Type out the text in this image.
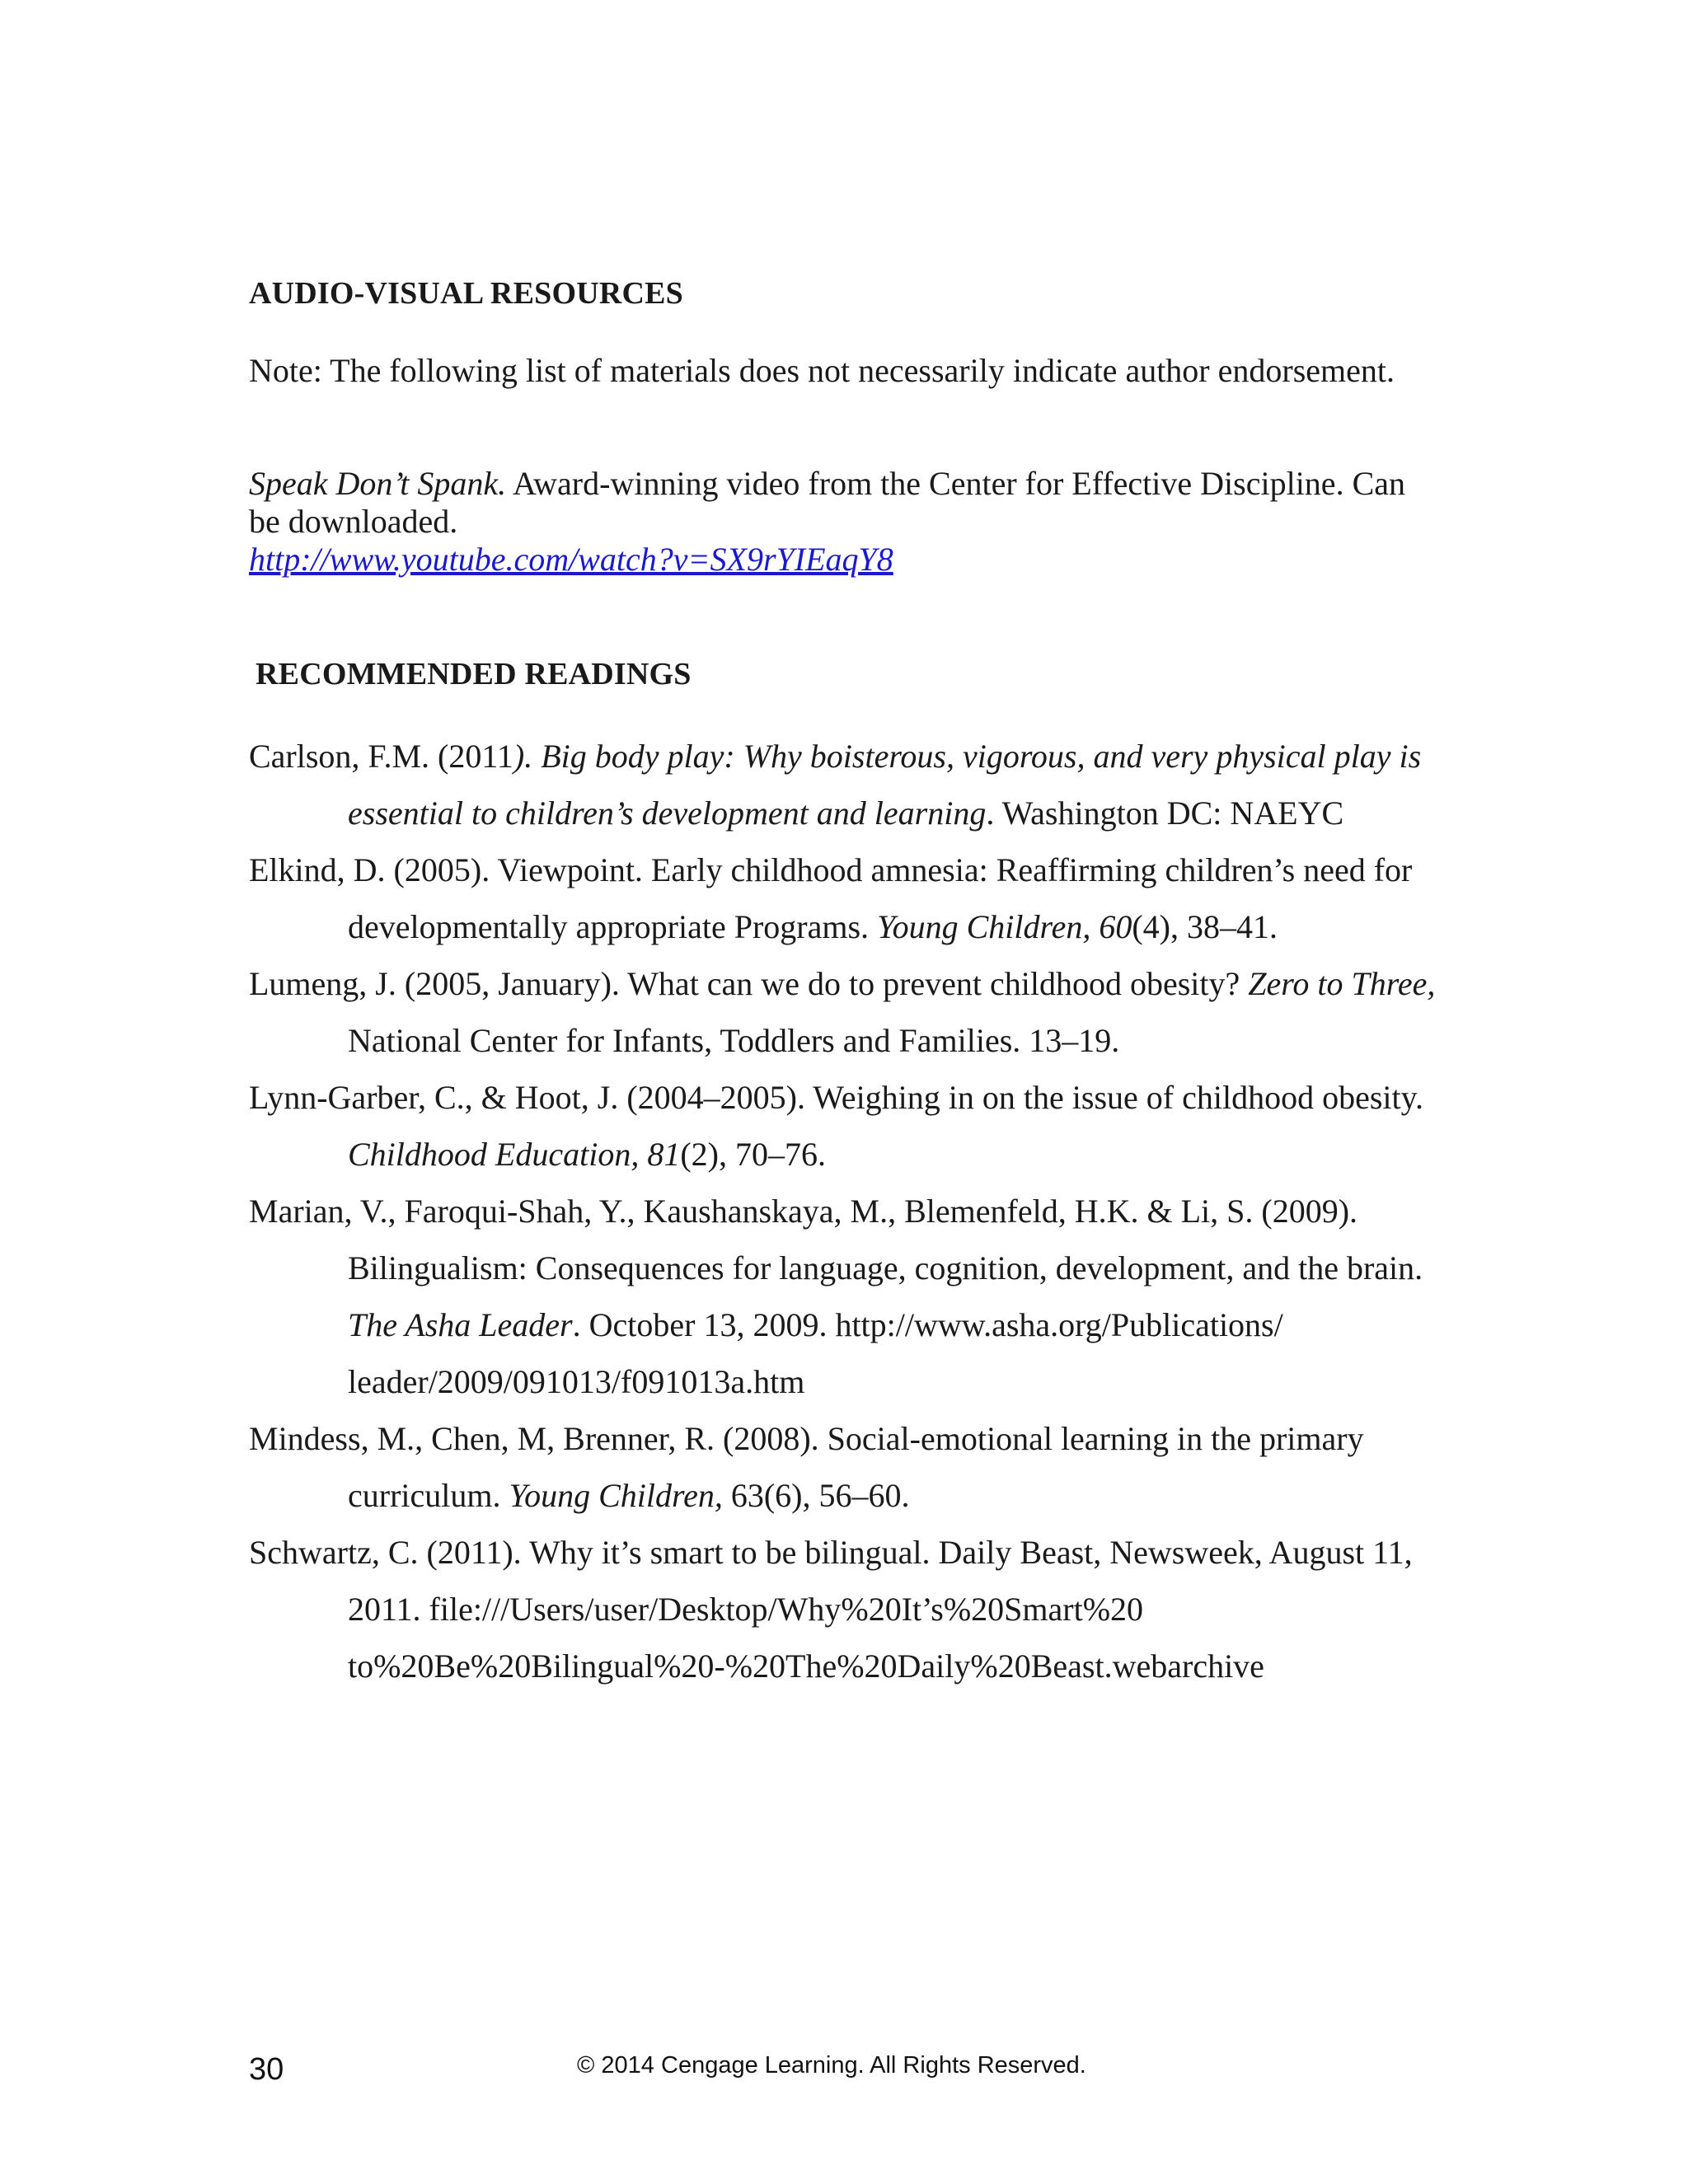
AUDIO-VISUAL RESOURCES
Note: The following list of materials does not necessarily indicate author endorsement.
Speak Don’t Spank. Award-winning video from the Center for Effective Discipline. Can be downloaded.
http://www.youtube.com/watch?v=SX9rYIEaqY8
RECOMMENDED READINGS
Carlson, F.M. (2011). Big body play: Why boisterous, vigorous, and very physical play is essential to children’s development and learning. Washington DC: NAEYC
Elkind, D. (2005). Viewpoint. Early childhood amnesia: Reaffirming children’s need for developmentally appropriate Programs. Young Children, 60(4), 38–41.
Lumeng, J. (2005, January). What can we do to prevent childhood obesity? Zero to Three, National Center for Infants, Toddlers and Families. 13–19.
Lynn-Garber, C., & Hoot, J. (2004–2005). Weighing in on the issue of childhood obesity. Childhood Education, 81(2), 70–76.
Marian, V., Faroqui-Shah, Y., Kaushanskaya, M., Blemenfeld, H.K. & Li, S. (2009). Bilingualism: Consequences for language, cognition, development, and the brain. The Asha Leader. October 13, 2009. http://www.asha.org/Publications/ leader/2009/091013/f091013a.htm
Mindess, M., Chen, M, Brenner, R. (2008). Social-emotional learning in the primary curriculum. Young Children, 63(6), 56–60.
Schwartz, C. (2011). Why it’s smart to be bilingual. Daily Beast, Newsweek, August 11, 2011. file:///Users/user/Desktop/Why%20It’s%20Smart%20 to%20Be%20Bilingual%20-%20The%20Daily%20Beast.webarchive
30	© 2014 Cengage Learning. All Rights Reserved.
